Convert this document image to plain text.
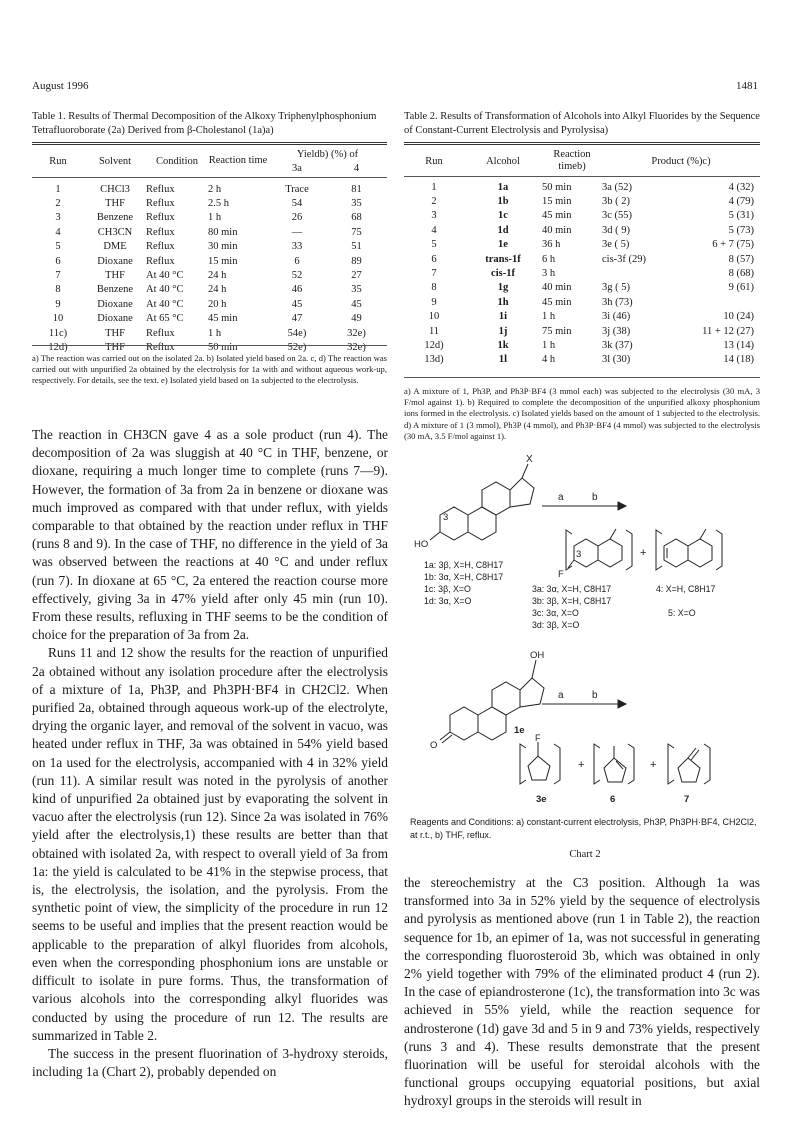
August 1996	1481
Table 1. Results of Thermal Decomposition of the Alkoxy Triphenylphosphonium Tetrafluoroborate (2a) Derived from β-Cholestanol (1a)a)
Run	Solvent	Condition	Reaction time	Yieldb) (%) of	
				3a	4

1	CHCl3	Reflux	2 h	Trace	81
2	THF	Reflux	2.5 h	54	35
3	Benzene	Reflux	1 h	26	68
4	CH3CN	Reflux	80 min	—	75
5	DME	Reflux	30 min	33	51
6	Dioxane	Reflux	15 min	6	89
7	THF	At 40 °C	24 h	52	27
8	Benzene	At 40 °C	24 h	46	35
9	Dioxane	At 40 °C	20 h	45	45
10	Dioxane	At 65 °C	45 min	47	49
11c)	THF	Reflux	1 h	54e)	32e)
12d)	THF	Reflux	50 min	52e)	32e)
a) The reaction was carried out on the isolated 2a. b) Isolated yield based on 2a. c, d) The reaction was carried out with unpurified 2a obtained by the electrolysis for 1a with and without aqueous work-up, respectively. For details, see the text. e) Isolated yield based on 1a subjected to the electrolysis.
Table 2. Results of Transformation of Alcohols into Alkyl Fluorides by the Sequence of Constant-Current Electrolysis and Pyrolysisa)
Run	Alcohol	Reaction timeb)	Product (%)c)	

1	1a	50 min	3a (52)	4 (32)
2	1b	15 min	3b ( 2)	4 (79)
3	1c	45 min	3c (55)	5 (31)
4	1d	40 min	3d ( 9)	5 (73)
5	1e	36 h	3e ( 5)	6 + 7 (75)
6	trans-1f	6 h	cis-3f (29)	8 (57)
7	cis-1f	3 h		8 (68)
8	1g	40 min	3g ( 5)	9 (61)
9	1h	45 min	3h (73)	
10	1i	1 h	3i (46)	10 (24)
11	1j	75 min	3j (38)	11 + 12 (27)
12d)	1k	1 h	3k (37)	13 (14)
13d)	1l	4 h	3l (30)	14 (18)
a) A mixture of 1, Ph3P, and Ph3P·BF4 (3 mmol each) was subjected to the electrolysis (30 mA, 3 F/mol against 1). b) Required to complete the decomposition of the unpurified alkoxy phosphonium ions formed in the electrolysis. c) Isolated yields based on the amount of 1 subjected to the electrolysis. d) A mixture of 1 (3 mmol), Ph3P (4 mmol), and Ph3P·BF4 (4 mmol) was subjected to the electrolysis (30 mA, 3.5 F/mol against 1).

The reaction in CH3CN gave 4 as a sole product (run 4). The decomposition of 2a was sluggish at 40 °C in THF, benzene, or dioxane, requiring a much longer time to complete (runs 7—9). However, the formation of 3a from 2a in benzene or dioxane was much improved as compared with that under reflux, with yields comparable to that obtained by the reaction under reflux in THF (runs 8 and 9). In the case of THF, no difference in the yield of 3a was observed between the reactions at 40 °C and under reflux (run 7). In dioxane at 65 °C, 2a entered the reaction course more effectively, giving 3a in 47% yield after only 45 min (run 10). From these results, refluxing in THF seems to be the condition of choice for the preparation of 3a from 2a.

Runs 11 and 12 show the results for the reaction of unpurified 2a obtained without any isolation procedure after the electrolysis of a mixture of 1a, Ph3P, and Ph3PH·BF4 in CH2Cl2. When purified 2a, obtained through aqueous work-up of the electrolyte, drying the organic layer, and removal of the solvent in vacuo, was heated under reflux in THF, 3a was obtained in 54% yield based on 1a used for the electrolysis, accompanied with 4 in 32% yield (run 11). A similar result was noted in the pyrolysis of another kind of unpurified 2a obtained just by evaporating the solvent in vacuo after the electrolysis (run 12). Since 2a was isolated in 76% yield after the electrolysis,1) these results are better than that obtained with isolated 2a, with respect to overall yield of 3a from 1a: the yield is calculated to be 41% in the stepwise process, that is, the electrolysis, the isolation, and the pyrolysis. From the synthetic point of view, the simplicity of the procedure in run 12 seems to be useful and implies that the present reaction would be applicable to the preparation of alkyl fluorides from alcohols, even when the corresponding phosphonium ions are unstable or difficult to isolate in pure forms. Thus, the transformation of various alcohols into the corresponding alkyl fluorides was conducted by using the procedure of run 12. The results are summarized in Table 2.

The success in the present fluorination of 3-hydroxy steroids, including 1a (Chart 2), probably depended on

X
HO
3
a	b
3
F
+
OH
O
1e
a	b
F
+	+
3e	6	7
1a: 3β, X=H, C8H17
1b: 3α, X=H, C8H17
1c: 3β, X=O
1d: 3α, X=O
3a: 3α, X=H, C8H17
3b: 3β, X=H, C8H17
3c: 3α, X=O
3d: 3β, X=O
4: X=H, C8H17
5: X=O
Reagents and Conditions: a) constant-current electrolysis, Ph3P, Ph3PH·BF4, CH2Cl2, at r.t., b) THF, reflux.
Chart 2

the stereochemistry at the C3 position. Although 1a was transformed into 3a in 52% yield by the sequence of electrolysis and pyrolysis as mentioned above (run 1 in Table 2), the reaction sequence for 1b, an epimer of 1a, was not successful in generating the corresponding fluorosteroid 3b, which was obtained in only 2% yield together with 79% of the eliminated product 4 (run 2). In the case of epiandrosterone (1c), the transformation into 3c was achieved in 55% yield, while the reaction sequence for androsterone (1d) gave 3d and 5 in 9 and 73% yields, respectively (runs 3 and 4). These results demonstrate that the present fluorination will be useful for steroidal alcohols with the functional groups occupying equatorial positions, but axial hydroxyl groups in the steroids will result in
